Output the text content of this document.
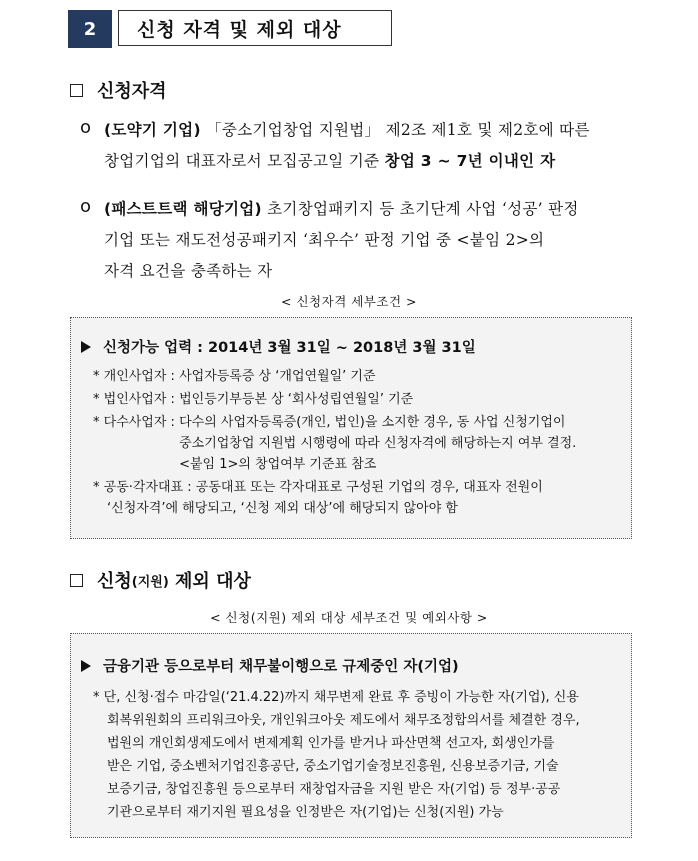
2 신청 자격 및 제외 대상
신청자격
ο (도약기 기업) 「중소기업창업 지원법」 제2조 제1호 및 제2호에 따른
창업기업의 대표자로서 모집공고일 기준 창업 3 ~ 7년 이내인 자
ο (패스트트랙 해당기업) 초기창업패키지 등 초기단계 사업 ‘성공’ 판정
기업 또는 재도전성공패키지 ‘최우수’ 판정 기업 중 <붙임 2>의
자격 요건을 충족하는 자
< 신청자격 세부조건 >
신청가능 업력 : 2014년 3월 31일 ~ 2018년 3월 31일
* 개인사업자 : 사업자등록증 상 ‘개업연월일’ 기준
* 법인사업자 : 법인등기부등본 상 ‘회사성립연월일’ 기준
* 다수사업자 : 다수의 사업자등록증(개인, 법인)을 소지한 경우, 동 사업 신청기업이
중소기업창업 지원법 시행령에 따라 신청자격에 해당하는지 여부 결정.
<붙임 1>의 창업여부 기준표 참조
* 공동·각자대표 : 공동대표 또는 각자대표로 구성된 기업의 경우, 대표자 전원이
‘신청자격’에 해당되고, ‘신청 제외 대상’에 해당되지 않아야 함
신청 (지원) 제외 대상
< 신청(지원) 제외 대상 세부조건 및 예외사항 >
금융기관 등으로부터 채무불이행으로 규제중인 자(기업)
* 단, 신청·접수 마감일(‘21.4.22)까지 채무변제 완료 후 증빙이 가능한 자(기업), 신용
회복위원회의 프리워크아웃, 개인워크아웃 제도에서 채무조정합의서를 체결한 경우,
법원의 개인회생제도에서 변제계획 인가를 받거나 파산면책 선고자, 회생인가를
받은 기업, 중소벤처기업진흥공단, 중소기업기술정보진흥원, 신용보증기금, 기술
보증기금, 창업진흥원 등으로부터 재창업자금을 지원 받은 자(기업) 등 정부·공공
기관으로부터 재기지원 필요성을 인정받은 자(기업)는 신청(지원) 가능
